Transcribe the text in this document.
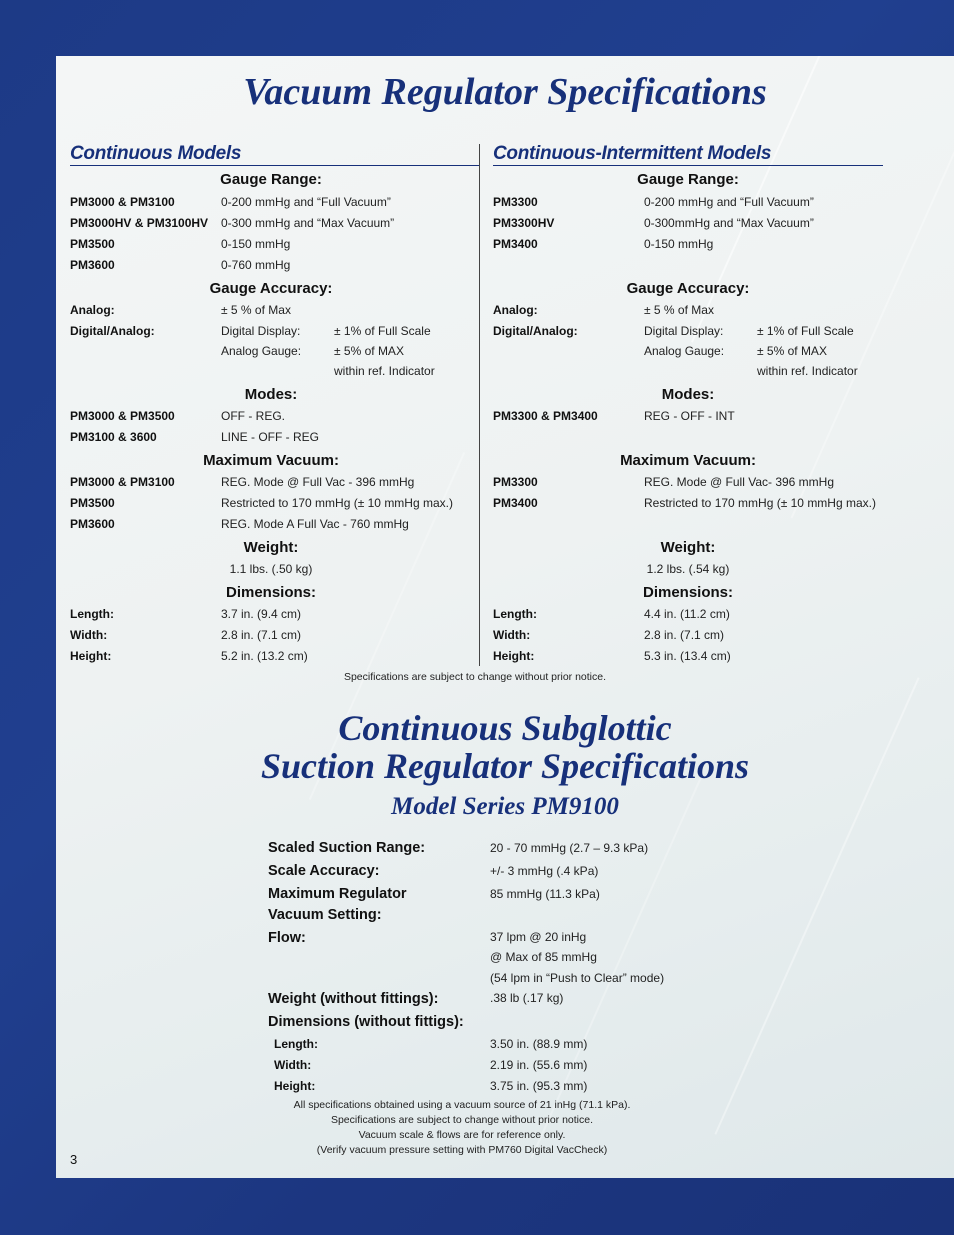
Vacuum Regulator Specifications
Continuous Models	Continuous-Intermittent Models
Gauge Range:
PM3000 & PM3100	0-200 mmHg and “Full Vacuum”
PM3000HV & PM3100HV 0-300 mmHg and “Max Vacuum”
PM3500	0-150 mmHg
PM3600	0-760 mmHg
Gauge Accuracy:
Analog:	± 5 % of Max
Digital/Analog:	Digital Display:	± 1% of Full Scale
Analog Gauge:	± 5% of MAX
within ref. Indicator
Modes:
PM3000 & PM3500	OFF - REG.
PM3100 & 3600	LINE - OFF - REG
Maximum Vacuum:
PM3000 & PM3100	REG. Mode @ Full Vac - 396 mmHg
PM3500	Restricted to 170 mmHg (± 10 mmHg max.)
PM3600	REG. Mode A Full Vac - 760 mmHg
Weight:
1.1 lbs. (.50 kg)
Dimensions:
Length:	3.7 in. (9.4 cm)
Width:	2.8 in. (7.1 cm)
Height:	5.2 in. (13.2 cm)
Gauge Range:
PM3300	0-200 mmHg and “Full Vacuum”
PM3300HV	0-300mmHg and “Max Vacuum”
PM3400	0-150 mmHg
Gauge Accuracy:
Analog:	± 5 % of Max
Digital/Analog:	Digital Display:	± 1% of Full Scale
Analog Gauge:	± 5% of MAX
within ref. Indicator
Modes:
PM3300 & PM3400	REG - OFF - INT
Maximum Vacuum:
PM3300	REG. Mode @ Full Vac- 396 mmHg
PM3400	Restricted to 170 mmHg (± 10 mmHg max.)
Weight:
1.2 lbs. (.54 kg)
Dimensions:
Length:	4.4 in. (11.2 cm)
Width:	2.8 in. (7.1 cm)
Height:	5.3 in. (13.4 cm)
Specifications are subject to change without prior notice.
Continuous Subglottic
Suction Regulator Specifications
Model Series PM9100
Scaled Suction Range:	20 - 70 mmHg (2.7 – 9.3 kPa)
Scale Accuracy:	+/- 3 mmHg (.4 kPa)
Maximum Regulator
Vacuum Setting:
85 mmHg (11.3 kPa)
Flow:	37 lpm @ 20 inHg
@ Max of 85 mmHg
(54 lpm in “Push to Clear” mode)
Weight (without fittings):	.38 lb (.17 kg)
Dimensions (without fittigs):
Length:	3.50 in. (88.9 mm)
Width:	2.19 in. (55.6 mm)
Height:	3.75 in. (95.3 mm)
All specifications obtained using a vacuum source of 21 inHg (71.1 kPa).
Specifications are subject to change without prior notice.
Vacuum scale & flows are for reference only.
(Verify vacuum pressure setting with PM760 Digital VacCheck)
3
